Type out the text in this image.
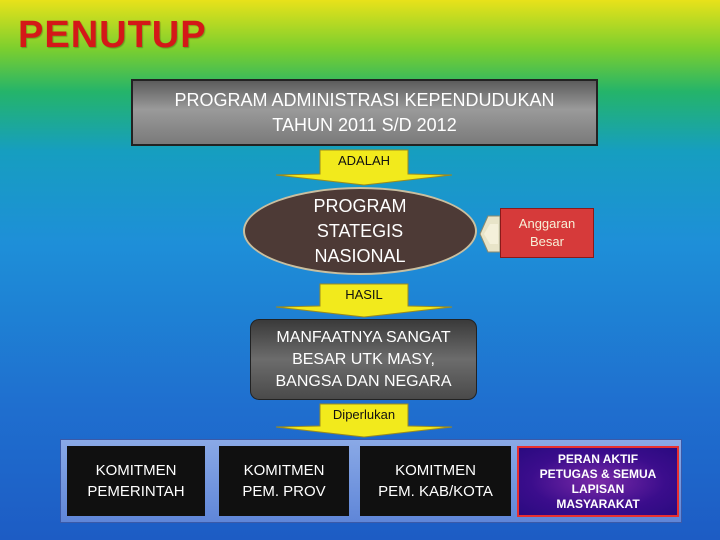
PENUTUP
PROGRAM ADMINISTRASI KEPENDUDUKAN
TAHUN 2011 S/D 2012
ADALAH
PROGRAM
STATEGIS
NASIONAL
Anggaran
Besar
HASIL
MANFAATNYA SANGAT
BESAR UTK MASY,
BANGSA DAN NEGARA
Diperlukan
KOMITMEN
PEMERINTAH
KOMITMEN
PEM. PROV
KOMITMEN
PEM. KAB/KOTA
PERAN AKTIF
PETUGAS & SEMUA
LAPISAN
MASYARAKAT
